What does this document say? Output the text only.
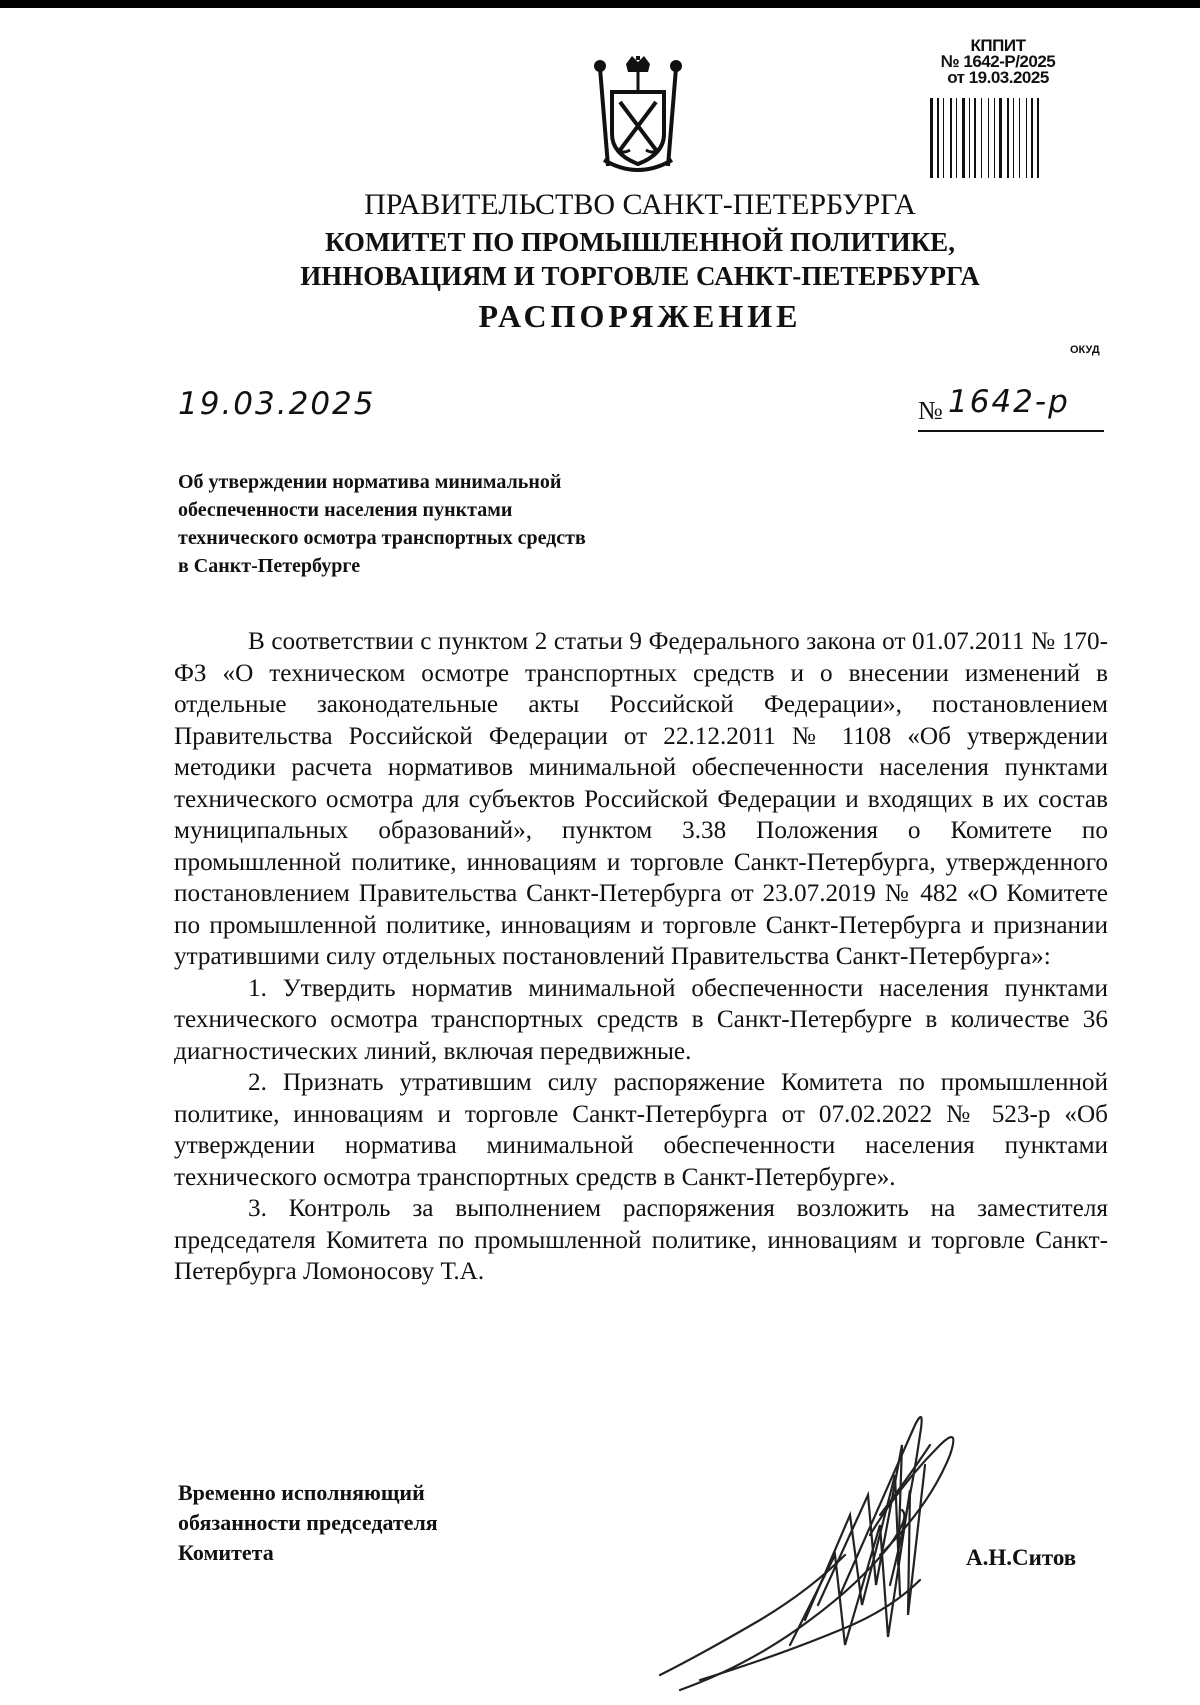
КППИТ
№ 1642-Р/2025
от 19.03.2025
ПРАВИТЕЛЬСТВО САНКТ-ПЕТЕРБУРГА
КОМИТЕТ ПО ПРОМЫШЛЕННОЙ ПОЛИТИКЕ,
ИННОВАЦИЯМ И ТОРГОВЛЕ САНКТ-ПЕТЕРБУРГА
РАСПОРЯЖЕНИЕ
ОКУД
19.03.2025	№ 1642-р
Об утверждении норматива минимальной
обеспеченности населения пунктами
технического осмотра транспортных средств
в Санкт-Петербурге

В соответствии с пунктом 2 статьи 9 Федерального закона от 01.07.2011 № 170-ФЗ «О техническом осмотре транспортных средств и о внесении изменений в отдельные законодательные акты Российской Федерации», постановлением Правительства Российской Федерации от 22.12.2011 № 1108 «Об утверждении методики расчета нормативов минимальной обеспеченности населения пунктами технического осмотра для субъектов Российской Федерации и входящих в их состав муниципальных образований», пунктом 3.38 Положения о Комитете по промышленной политике, инновациям и торговле Санкт-Петербурга, утвержденного постановлением Правительства Санкт-Петербурга от 23.07.2019 № 482 «О Комитете по промышленной политике, инновациям и торговле Санкт-Петербурга и признании утратившими силу отдельных постановлений Правительства Санкт-Петербурга»:

1. Утвердить норматив минимальной обеспеченности населения пунктами технического осмотра транспортных средств в Санкт-Петербурге в количестве 36 диагностических линий, включая передвижные.

2. Признать утратившим силу распоряжение Комитета по промышленной политике, инновациям и торговле Санкт-Петербурга от 07.02.2022 № 523-р «Об утверждении норматива минимальной обеспеченности населения пунктами технического осмотра транспортных средств в Санкт-Петербурге».

3. Контроль за выполнением распоряжения возложить на заместителя председателя Комитета по промышленной политике, инновациям и торговле Санкт-Петербурга Ломоносову Т.А.

Временно исполняющий
обязанности председателя
Комитета	А.Н.Ситов
